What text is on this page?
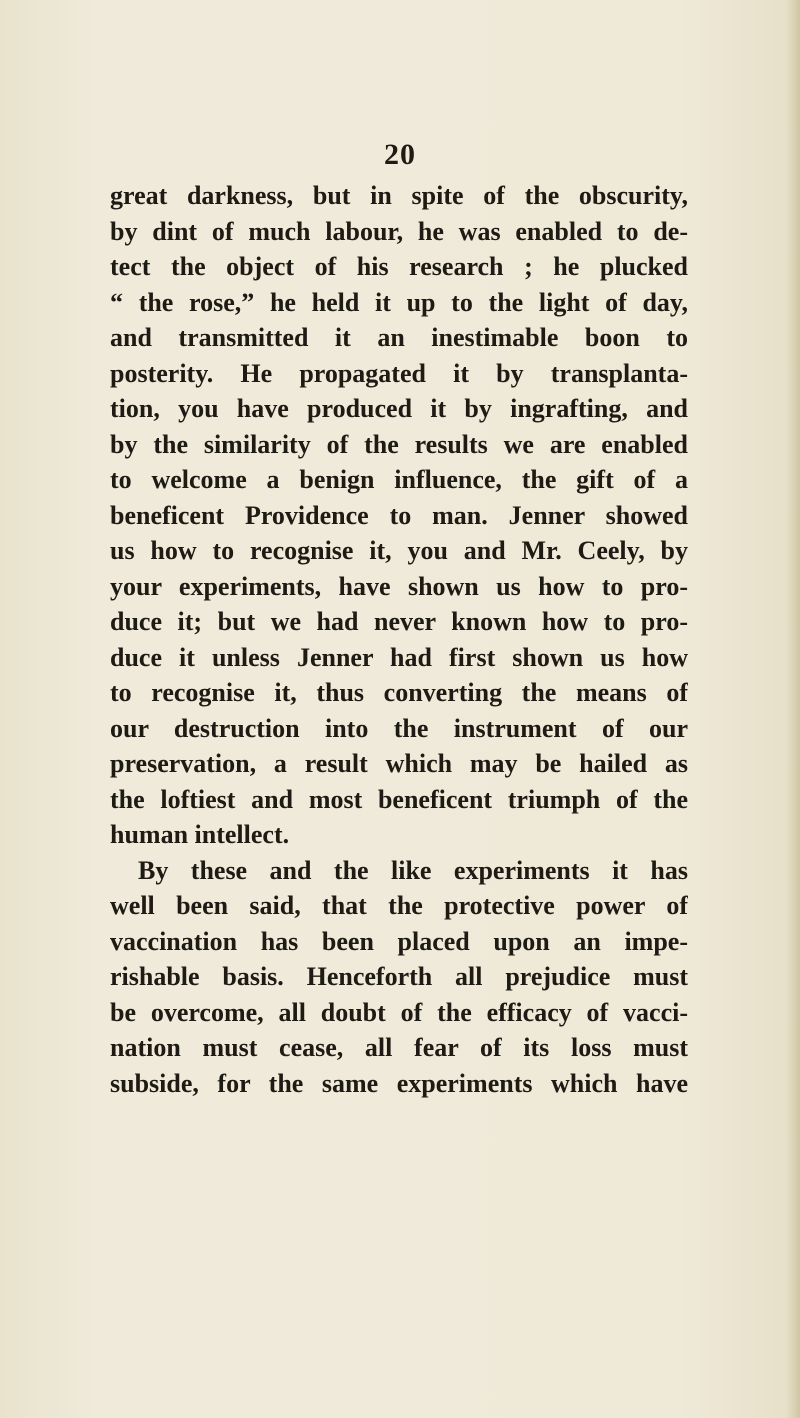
20
great darkness, but in spite of the obscurity,
by dint of much labour, he was enabled to de-
tect the object of his research ; he plucked
“ the rose,” he held it up to the light of day,
and transmitted it an inestimable boon to
posterity. He propagated it by transplanta-
tion, you have produced it by ingrafting, and
by the similarity of the results we are enabled
to welcome a benign influence, the gift of a
beneficent Providence to man. Jenner showed
us how to recognise it, you and Mr. Ceely, by
your experiments, have shown us how to pro-
duce it; but we had never known how to pro-
duce it unless Jenner had first shown us how
to recognise it, thus converting the means of
our destruction into the instrument of our
preservation, a result which may be hailed as
the loftiest and most beneficent triumph of the
human intellect.
By these and the like experiments it has
well been said, that the protective power of
vaccination has been placed upon an impe-
rishable basis. Henceforth all prejudice must
be overcome, all doubt of the efficacy of vacci-
nation must cease, all fear of its loss must
subside, for the same experiments which have
